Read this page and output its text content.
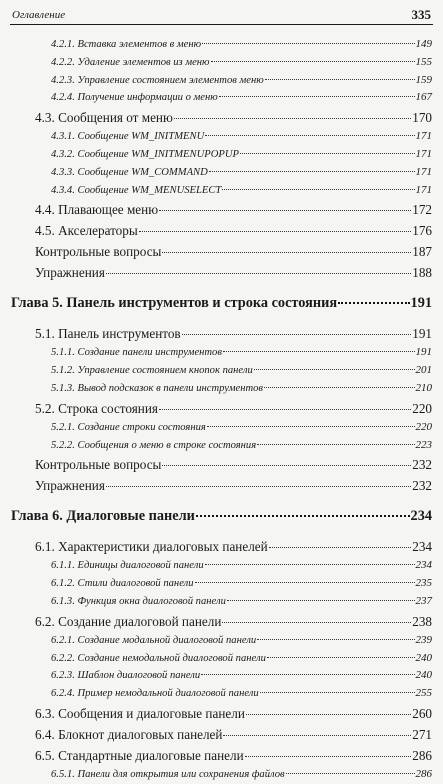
Оглавление	335
4.2.1. Вставка элементов в меню	149
4.2.2. Удаление элементов из меню	155
4.2.3. Управление состоянием элементов меню	159
4.2.4. Получение информации о меню	167
4.3. Сообщения от меню	170
4.3.1. Сообщение WM_INITMENU	171
4.3.2. Сообщение WM_INITMENUPOPUP	171
4.3.3. Сообщение WM_COMMAND	171
4.3.4. Сообщение WM_MENUSELECT	171
4.4. Плавающее меню	172
4.5. Акселераторы	176
Контрольные вопросы	187
Упражнения	188
Глава 5. Панель инструментов и строка состояния	191
5.1. Панель инструментов	191
5.1.1. Создание панели инструментов	191
5.1.2. Управление состоянием кнопок панели	201
5.1.3. Вывод подсказок в панели инструментов	210
5.2. Строка состояния	220
5.2.1. Создание строки состояния	220
5.2.2. Сообщения о меню в строке состояния	223
Контрольные вопросы	232
Упражнения	232
Глава 6. Диалоговые панели	234
6.1. Характеристики диалоговых панелей	234
6.1.1. Единицы диалоговой панели	234
6.1.2. Стили диалоговой панели	235
6.1.3. Функция окна диалоговой панели	237
6.2. Создание диалоговой панели	238
6.2.1. Создание модальной диалоговой панели	239
6.2.2. Создание немодальной диалоговой панели	240
6.2.3. Шаблон диалоговой панели	240
6.2.4. Пример немодальной диалоговой панели	255
6.3. Сообщения и диалоговые панели	260
6.4. Блокнот диалоговых панелей	271
6.5. Стандартные диалоговые панели	286
6.5.1. Панели для открытия или сохранения файлов	286
